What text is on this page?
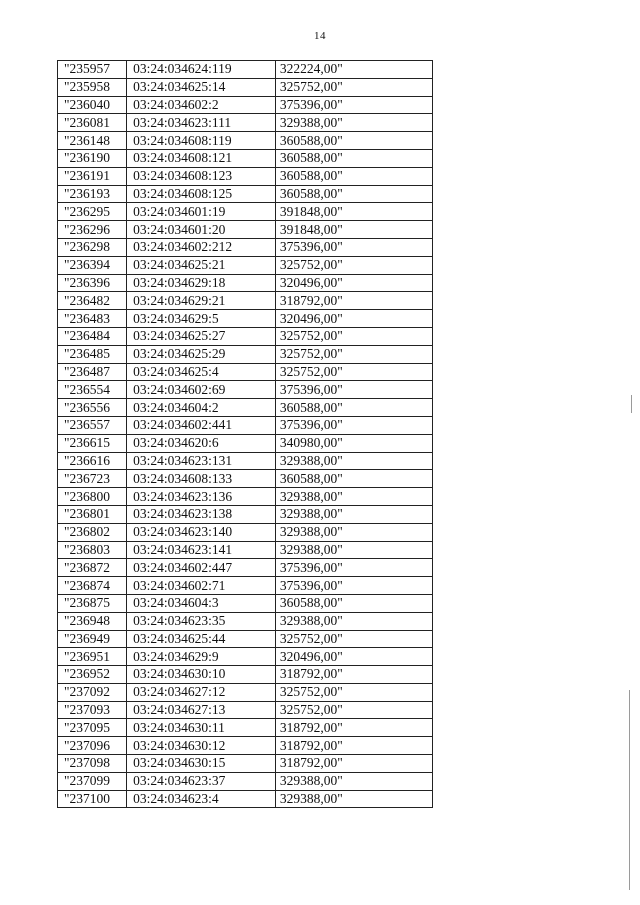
14
"235957	03:24:034624:119	322224,00"
"235958	03:24:034625:14	325752,00"
"236040	03:24:034602:2	375396,00"
"236081	03:24:034623:111	329388,00"
"236148	03:24:034608:119	360588,00"
"236190	03:24:034608:121	360588,00"
"236191	03:24:034608:123	360588,00"
"236193	03:24:034608:125	360588,00"
"236295	03:24:034601:19	391848,00"
"236296	03:24:034601:20	391848,00"
"236298	03:24:034602:212	375396,00"
"236394	03:24:034625:21	325752,00"
"236396	03:24:034629:18	320496,00"
"236482	03:24:034629:21	318792,00"
"236483	03:24:034629:5	320496,00"
"236484	03:24:034625:27	325752,00"
"236485	03:24:034625:29	325752,00"
"236487	03:24:034625:4	325752,00"
"236554	03:24:034602:69	375396,00"
"236556	03:24:034604:2	360588,00"
"236557	03:24:034602:441	375396,00"
"236615	03:24:034620:6	340980,00"
"236616	03:24:034623:131	329388,00"
"236723	03:24:034608:133	360588,00"
"236800	03:24:034623:136	329388,00"
"236801	03:24:034623:138	329388,00"
"236802	03:24:034623:140	329388,00"
"236803	03:24:034623:141	329388,00"
"236872	03:24:034602:447	375396,00"
"236874	03:24:034602:71	375396,00"
"236875	03:24:034604:3	360588,00"
"236948	03:24:034623:35	329388,00"
"236949	03:24:034625:44	325752,00"
"236951	03:24:034629:9	320496,00"
"236952	03:24:034630:10	318792,00"
"237092	03:24:034627:12	325752,00"
"237093	03:24:034627:13	325752,00"
"237095	03:24:034630:11	318792,00"
"237096	03:24:034630:12	318792,00"
"237098	03:24:034630:15	318792,00"
"237099	03:24:034623:37	329388,00"
"237100	03:24:034623:4	329388,00"
